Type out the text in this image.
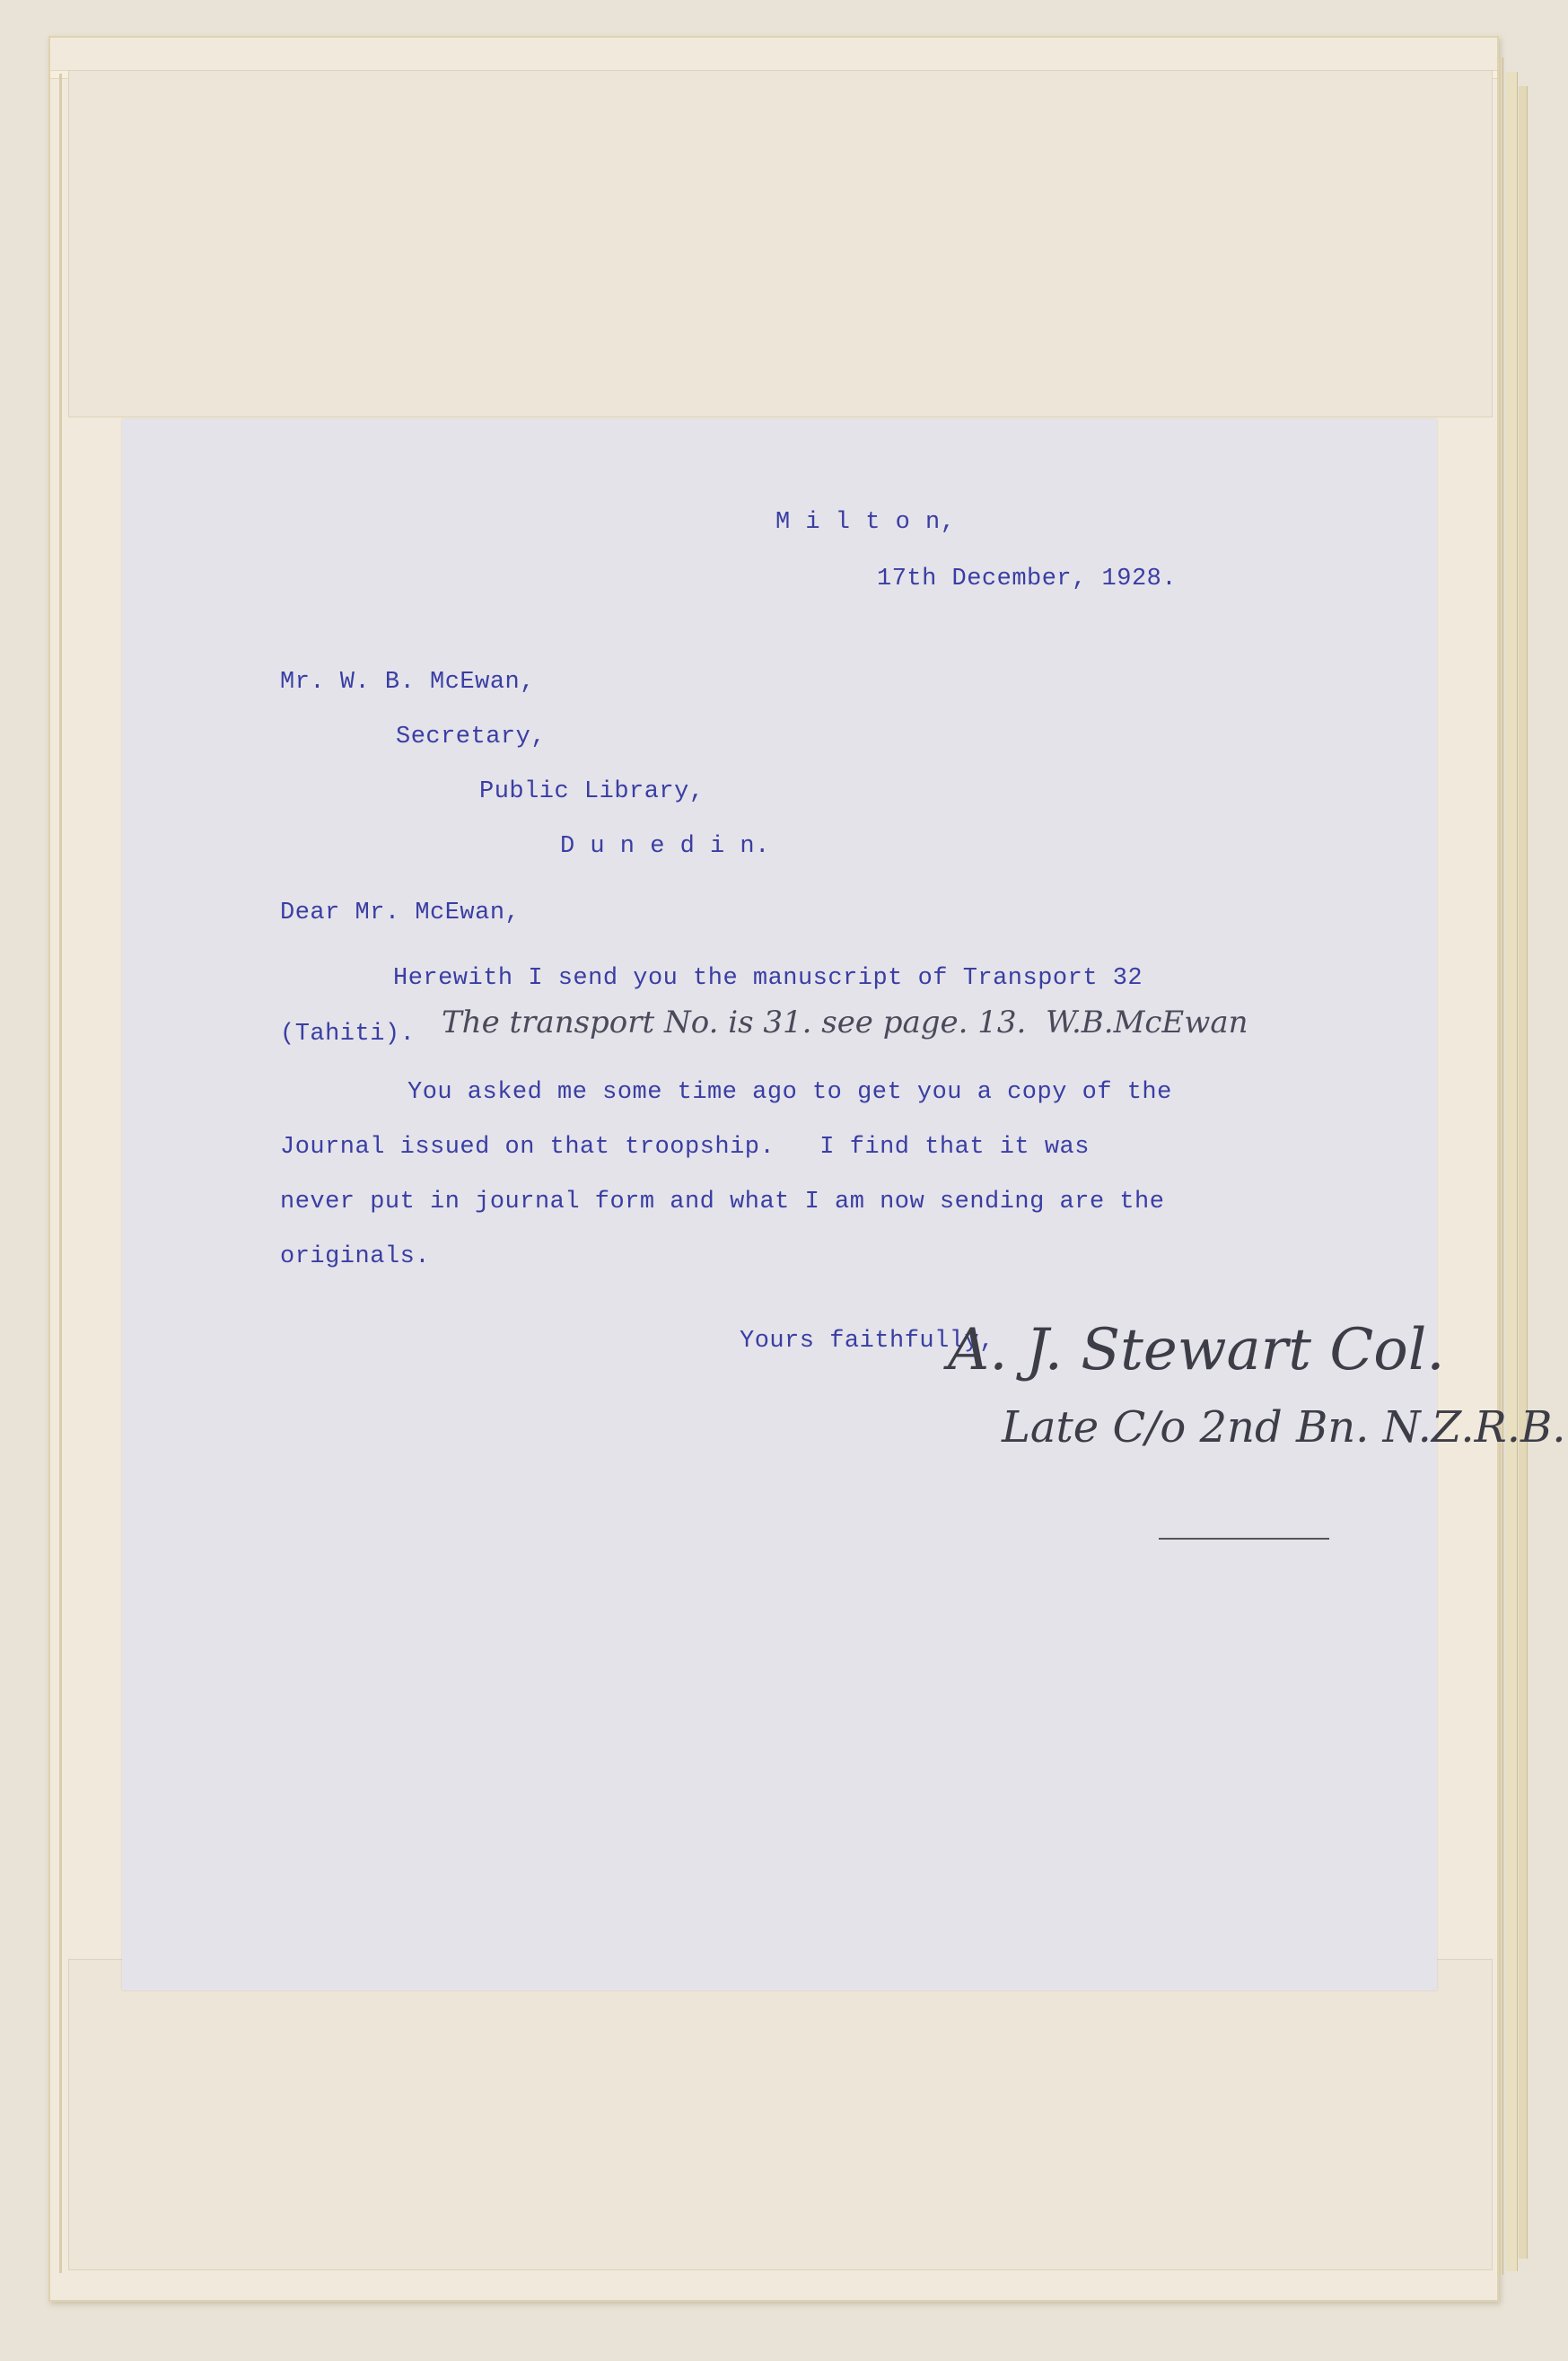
M i l t o n,
17th December, 1928.
Mr. W. B. McEwan,
Secretary,
Public Library,
D u n e d i n.
Dear Mr. McEwan,
Herewith I send you the manuscript of Transport 32
(Tahiti). The transport No. is 31. see page. 13.  W.B.McEwan
You asked me some time ago to get you a copy of the
Journal issued on that troopship.   I find that it was
never put in journal form and what I am now sending are the
originals.
Yours faithfully,
A. J. Stewart Col.
Late C/o 2nd Bn. N.Z.R.B.
